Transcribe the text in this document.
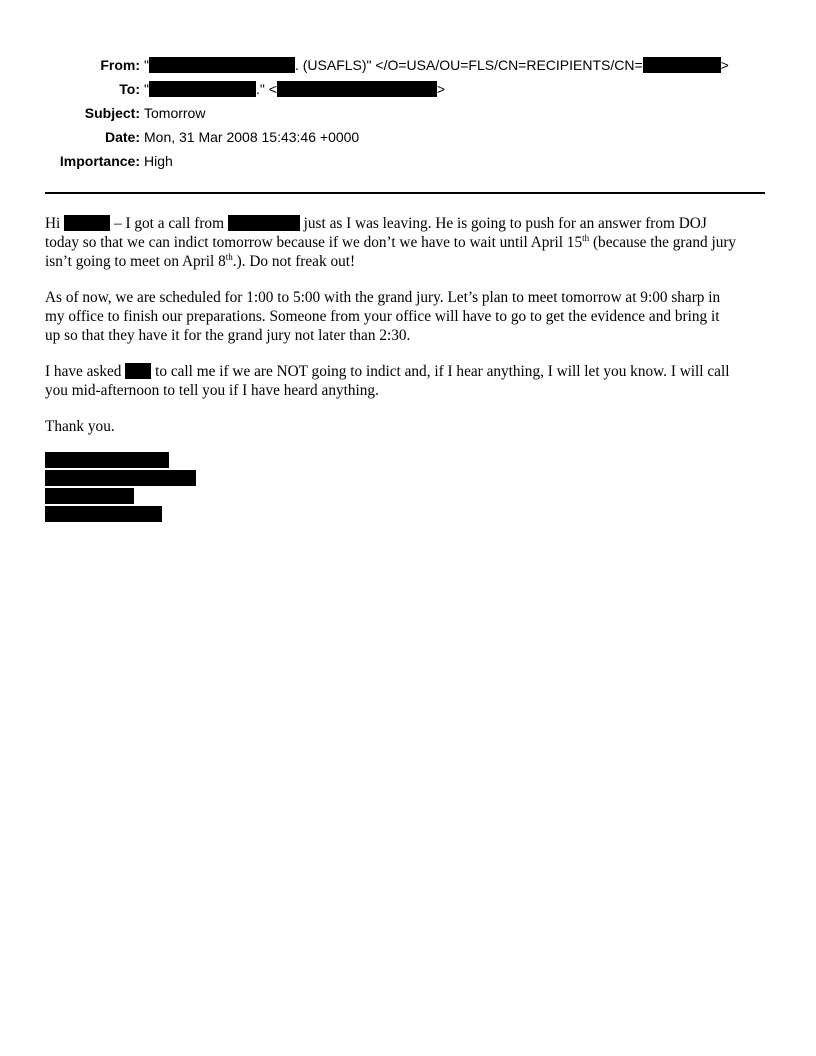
From: "	. (USAFLS)" </O=USA/OU=FLS/CN=RECIPIENTS/CN=	>
To: "	." <	>
Subject: Tomorrow
Date: Mon, 31 Mar 2008 15:43:46 +0000
Importance: High

Hi	– I got a call from	just as I was leaving. He is going to push for an answer from DOJ
today so that we can indict tomorrow because if we don’t we have to wait until April 15th (because the grand jury
isn’t going to meet on April 8th.). Do not freak out!

As of now, we are scheduled for 1:00 to 5:00 with the grand jury. Let’s plan to meet tomorrow at 9:00 sharp in
my office to finish our preparations. Someone from your office will have to go to get the evidence and bring it
up so that they have it for the grand jury not later than 2:30.

I have asked to call me if we are NOT going to indict and, if I hear anything, I will let you know. I will call
you mid-afternoon to tell you if I have heard anything.

Thank you.
